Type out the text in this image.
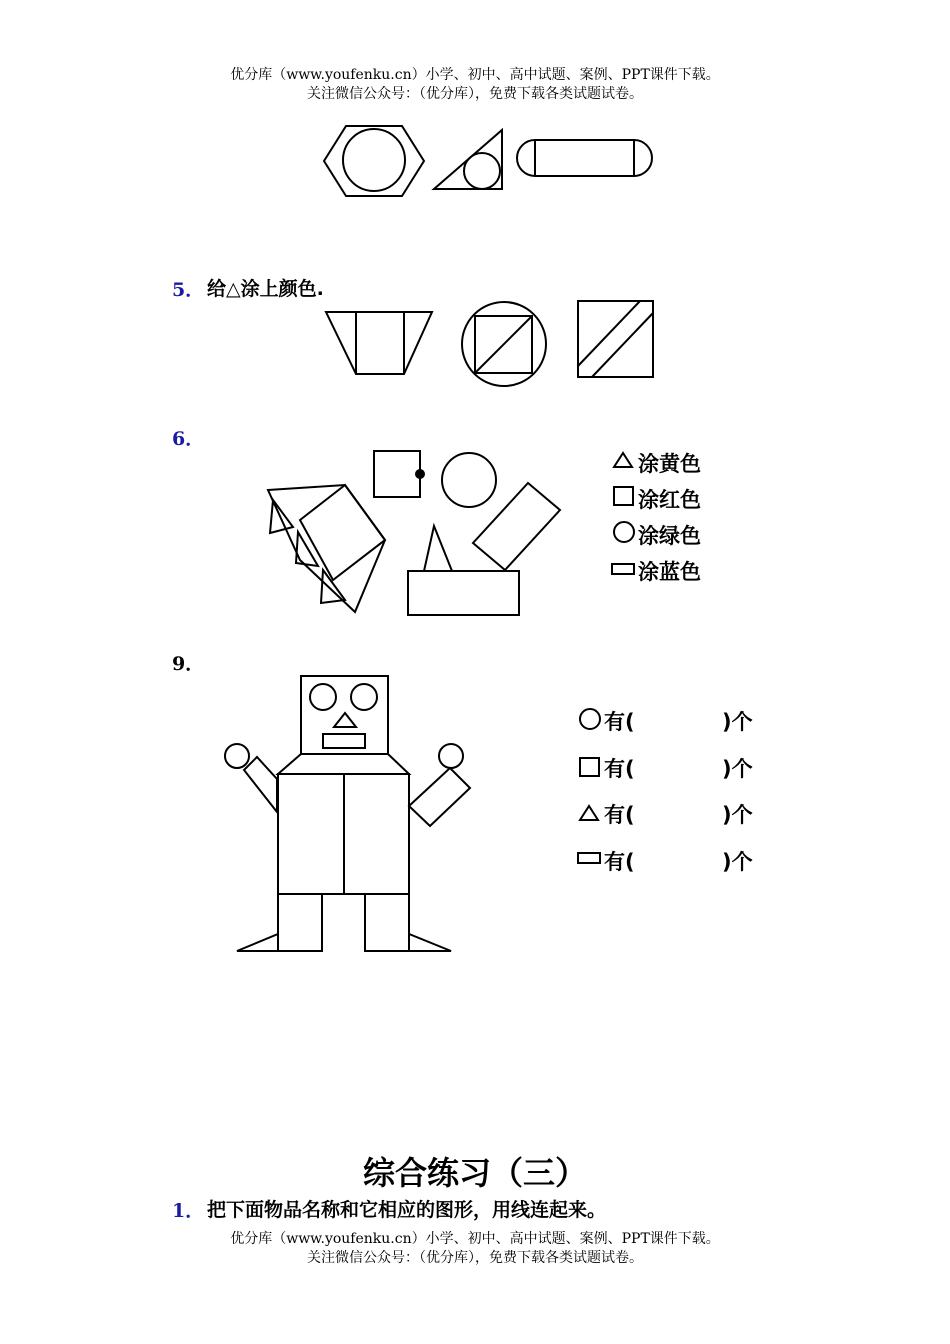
优分库（www.youfenku.cn）小学、初中、高中试题、案例、PPT课件下载。
关注微信公众号：（优分库），免费下载各类试题试卷。
5． 给△涂上颜色.
6．
涂黄色
涂红色
涂绿色
涂蓝色
9．
有(	)个
有(	)个
有(	)个
有(	)个
综合练习（三）
1． 把下面物品名称和它相应的图形，用线连起来。
优分库（www.youfenku.cn）小学、初中、高中试题、案例、PPT课件下载。
关注微信公众号：（优分库），免费下载各类试题试卷。
